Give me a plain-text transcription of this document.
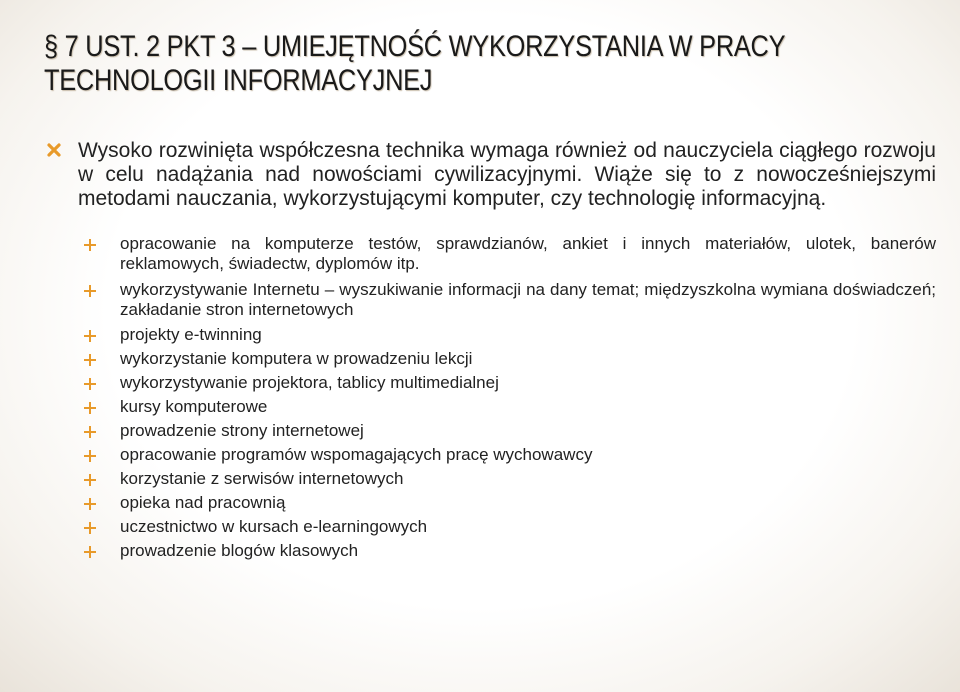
§ 7 UST. 2 PKT 3 – UMIEJĘTNOŚĆ WYKORZYSTANIA W PRACY TECHNOLOGII INFORMACYJNEJ
Wysoko rozwinięta współczesna technika wymaga również od nauczyciela ciągłego rozwoju w celu nadążania nad nowościami cywilizacyjnymi. Wiąże się to z nowocześniejszymi metodami nauczania, wykorzystującymi komputer, czy technologię informacyjną.
opracowanie na komputerze testów, sprawdzianów, ankiet i innych materiałów, ulotek, banerów reklamowych, świadectw, dyplomów itp.
wykorzystywanie Internetu – wyszukiwanie informacji na dany temat; międzyszkolna wymiana doświadczeń; zakładanie stron internetowych
projekty e-twinning
wykorzystanie komputera w prowadzeniu lekcji
wykorzystywanie projektora, tablicy multimedialnej
kursy komputerowe
prowadzenie strony internetowej
opracowanie programów wspomagających pracę wychowawcy
korzystanie z serwisów internetowych
opieka nad pracownią
uczestnictwo w kursach e-learningowych
prowadzenie blogów klasowych
